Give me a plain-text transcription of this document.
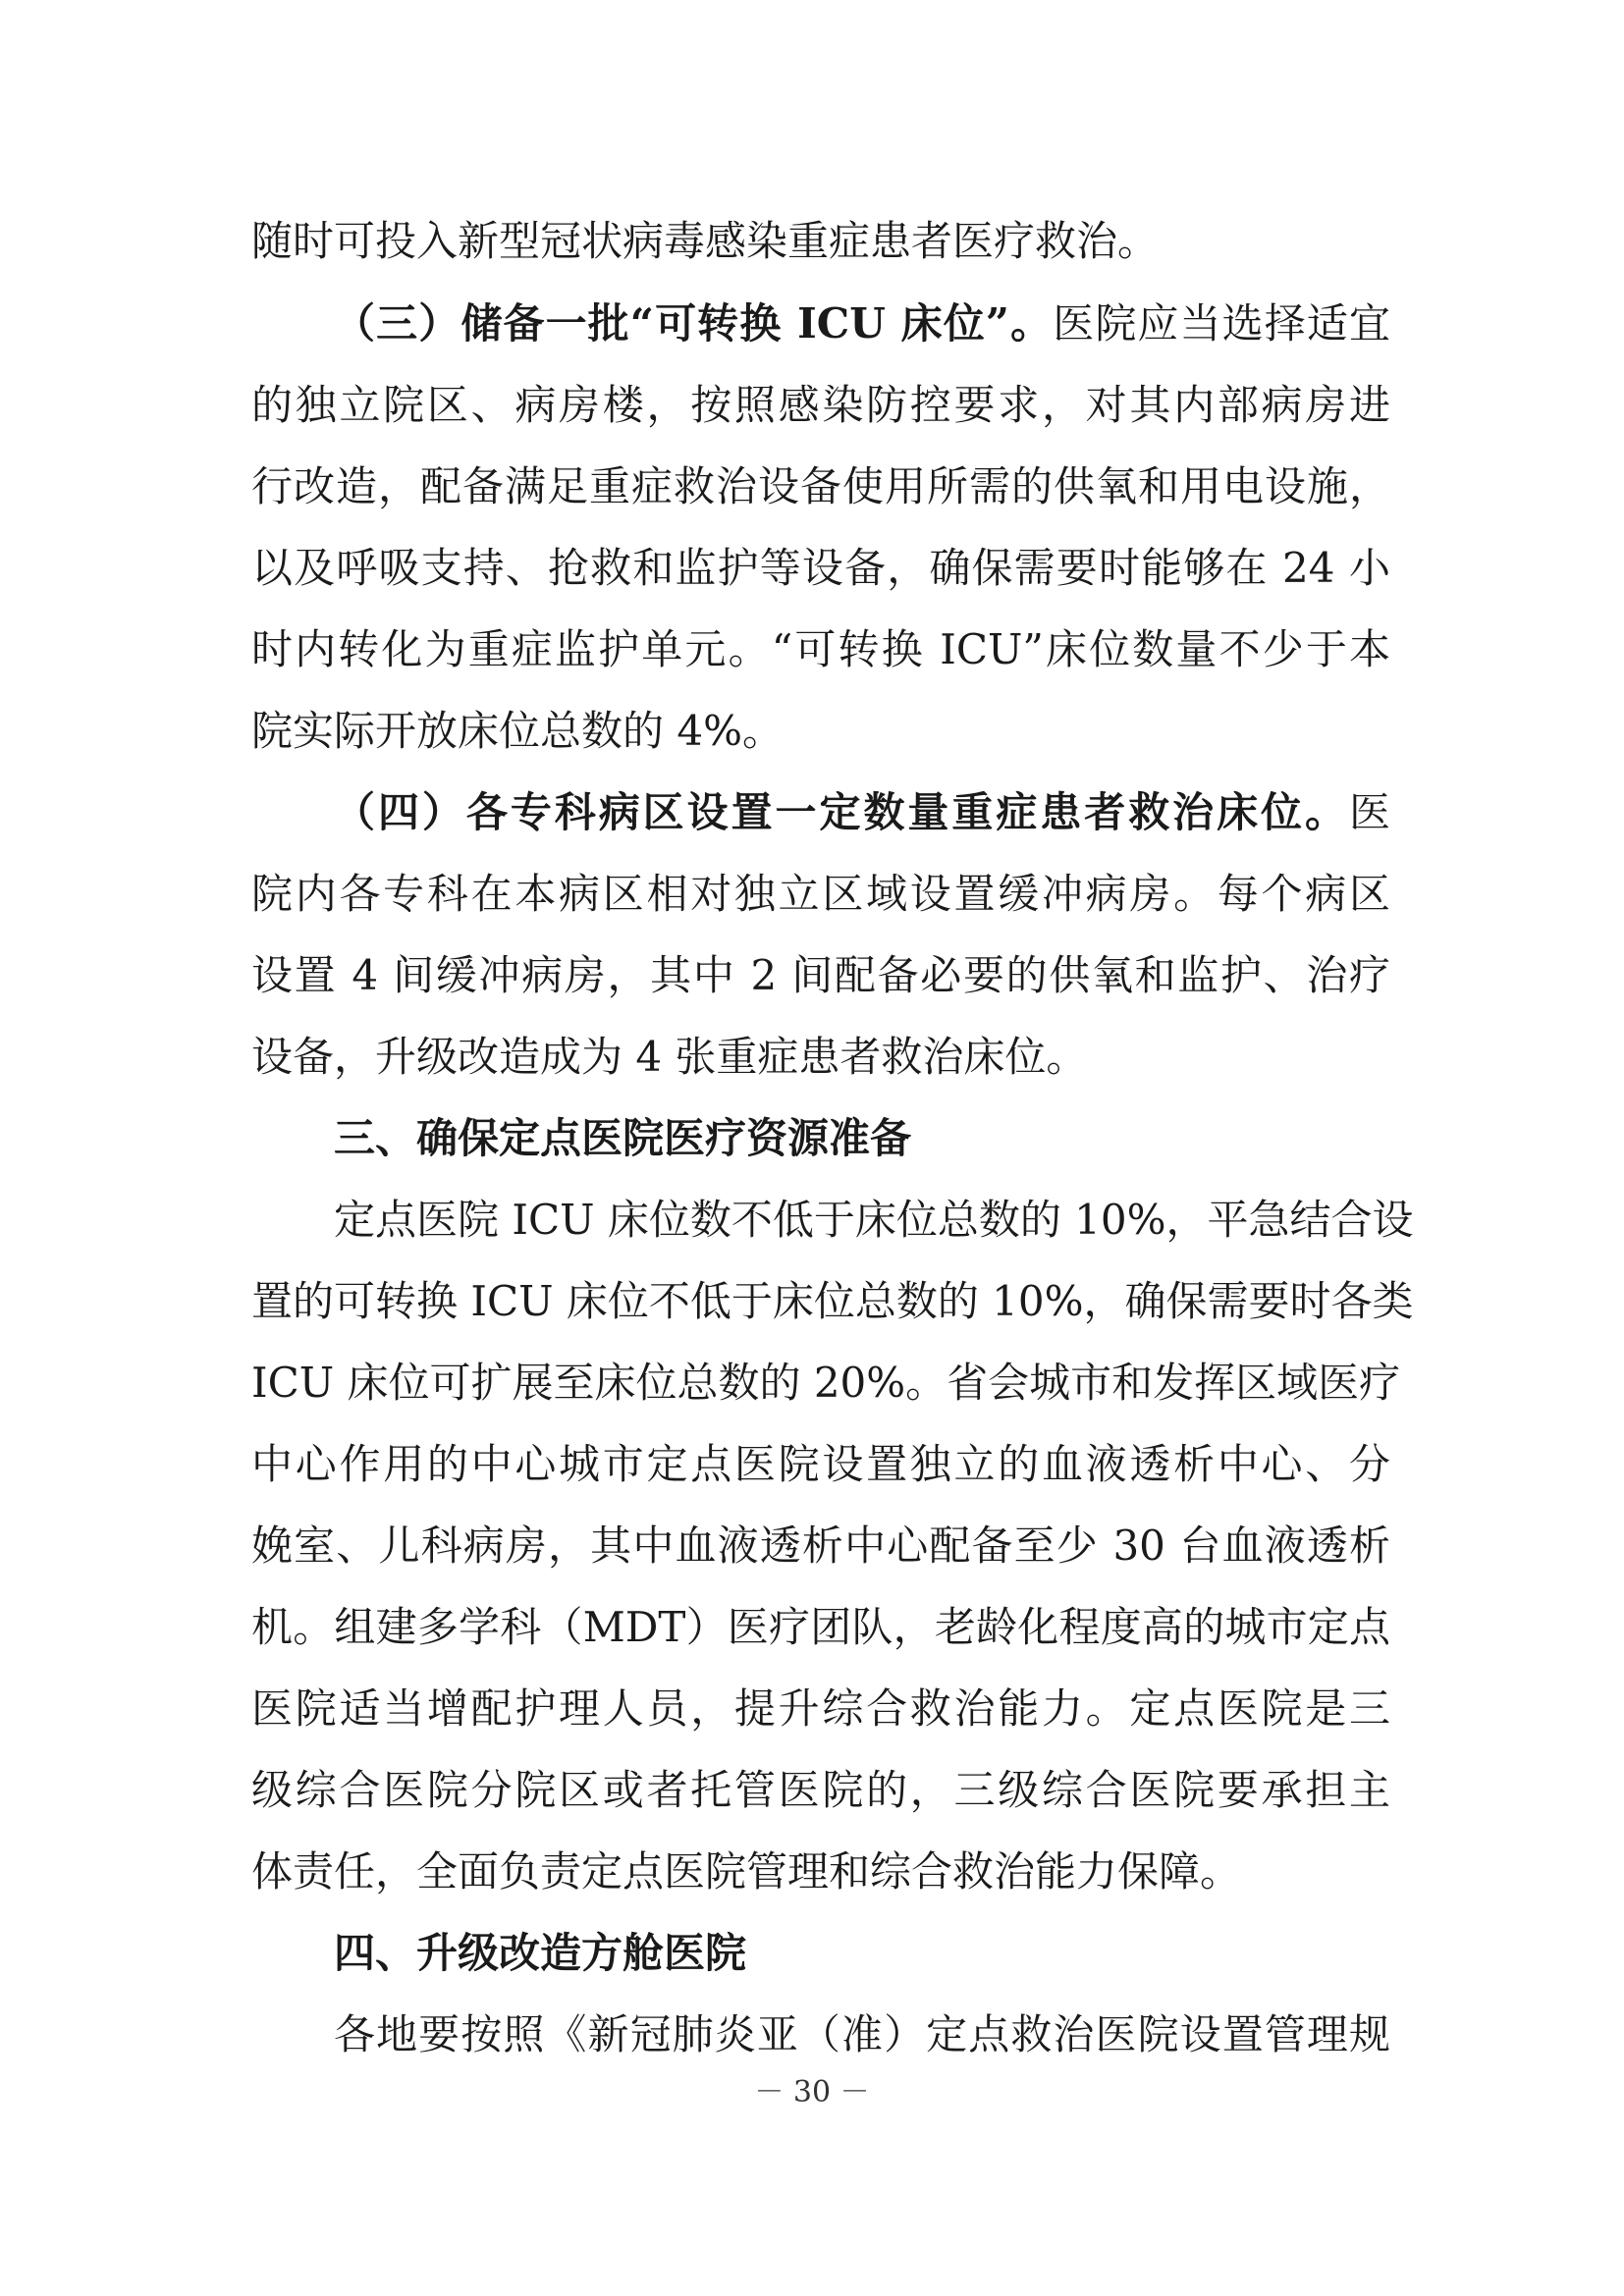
随时可投入新型冠状病毒感染重症患者医疗救治。
（三）储备一批“可转换 ICU 床位”。医院应当选择适宜
的独立院区、病房楼，按照感染防控要求，对其内部病房进
行改造，配备满足重症救治设备使用所需的供氧和用电设施，
以及呼吸支持、抢救和监护等设备，确保需要时能够在 24 小
时内转化为重症监护单元。“可转换 ICU”床位数量不少于本
院实际开放床位总数的 4%。
（四）各专科病区设置一定数量重症患者救治床位。医
院内各专科在本病区相对独立区域设置缓冲病房。每个病区
设置 4 间缓冲病房，其中 2 间配备必要的供氧和监护、治疗
设备，升级改造成为 4 张重症患者救治床位。
三、确保定点医院医疗资源准备
定点医院 ICU 床位数不低于床位总数的 10%，平急结合设
置的可转换 ICU 床位不低于床位总数的 10%，确保需要时各类
ICU 床位可扩展至床位总数的 20%。省会城市和发挥区域医疗
中心作用的中心城市定点医院设置独立的血液透析中心、分
娩室、儿科病房，其中血液透析中心配备至少 30 台血液透析
机。组建多学科（MDT）医疗团队，老龄化程度高的城市定点
医院适当增配护理人员，提升综合救治能力。定点医院是三
级综合医院分院区或者托管医院的，三级综合医院要承担主
体责任，全面负责定点医院管理和综合救治能力保障。
四、升级改造方舱医院
各地要按照《新冠肺炎亚（准）定点救治医院设置管理规
－ 30 －
